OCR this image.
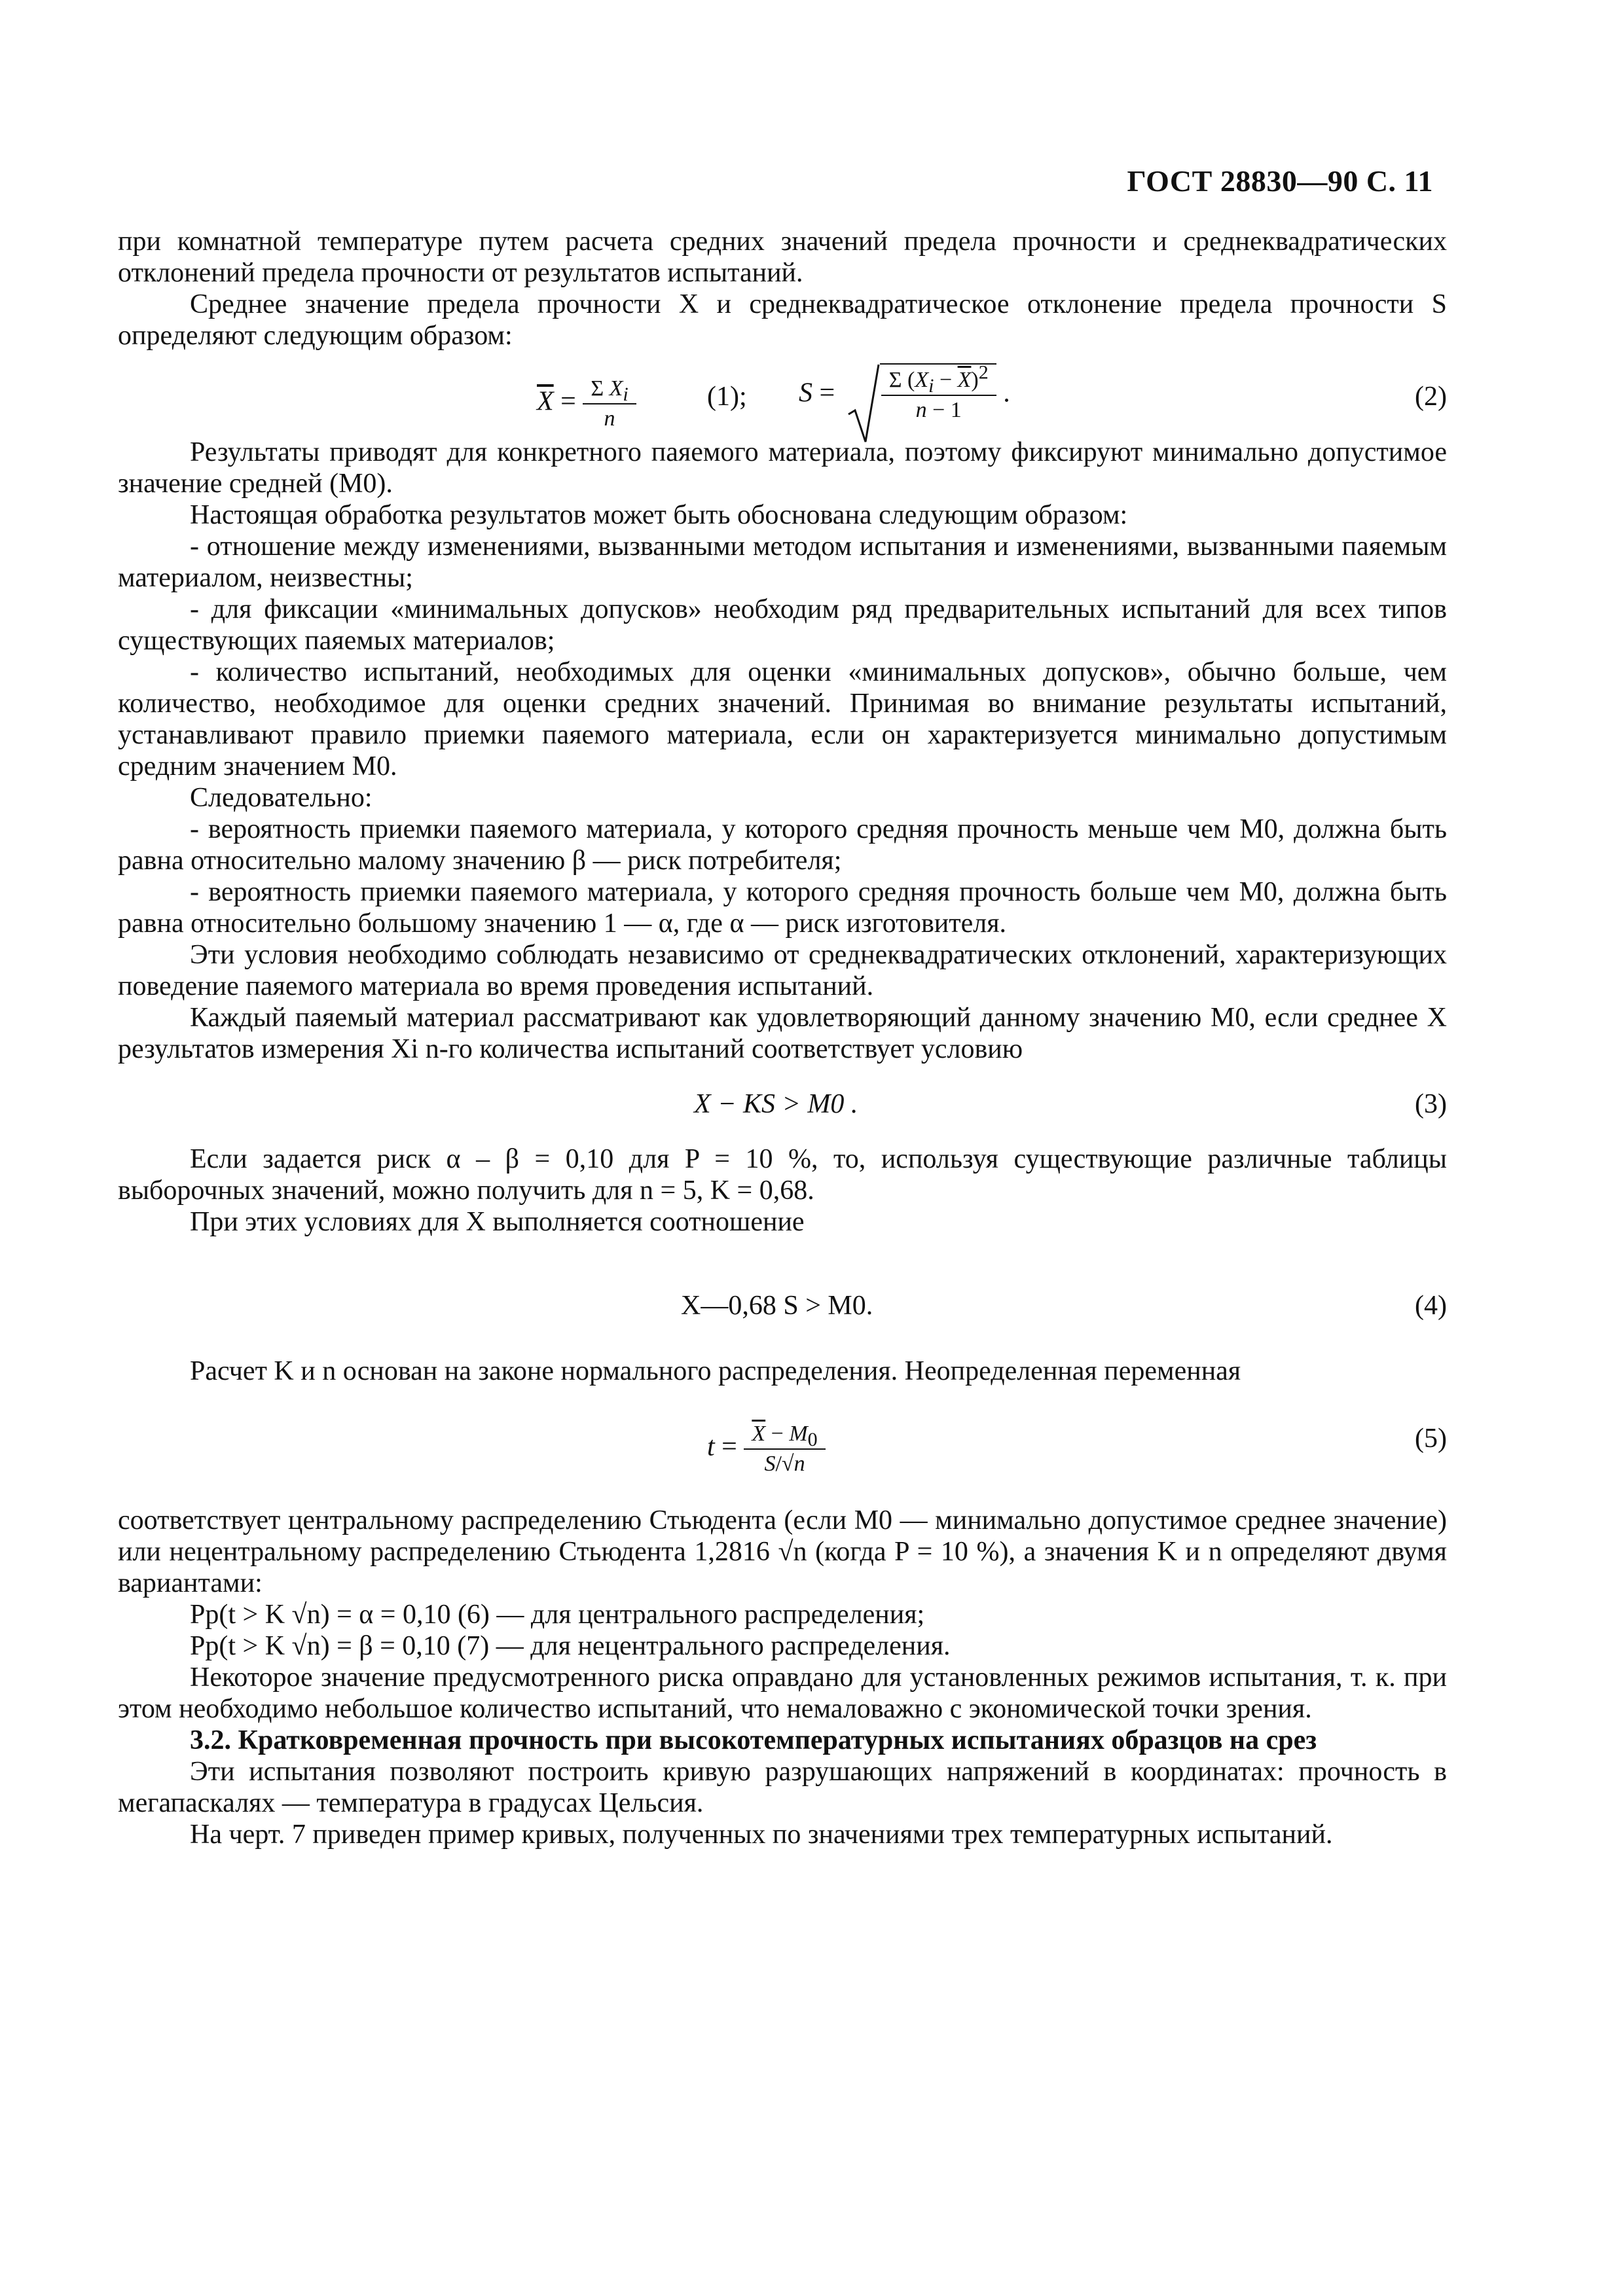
ГОСТ 28830—90 С. 11

при комнатной температуре путем расчета средних значений предела прочности и среднеквадратических отклонений предела прочности от результатов испытаний.

Среднее значение предела прочности X и среднеквадратическое отклонение предела прочности S определяют следующим образом:

$\overline{X} = \frac{\Sigma X_i}{n}$	(1); $S = \frac{\Sigma (X_i - \overline{X})^2}{n - 1}$ .	(2)

Результаты приводят для конкретного паяемого материала, поэтому фиксируют минимально допустимое значение средней (M0).

Настоящая обработка результатов может быть обоснована следующим образом:

- отношение между изменениями, вызванными методом испытания и изменениями, вызванными паяемым материалом, неизвестны;

- для фиксации «минимальных допусков» необходим ряд предварительных испытаний для всех типов существующих паяемых материалов;

- количество испытаний, необходимых для оценки «минимальных допусков», обычно больше, чем количество, необходимое для оценки средних значений. Принимая во внимание результаты испытаний, устанавливают правило приемки паяемого материала, если он характеризуется минимально допустимым средним значением M0.

Следовательно:

- вероятность приемки паяемого материала, у которого средняя прочность меньше чем M0, должна быть равна относительно малому значению β — риск потребителя;

- вероятность приемки паяемого материала, у которого средняя прочность больше чем M0, должна быть равна относительно большому значению 1 — α, где α — риск изготовителя.

Эти условия необходимо соблюдать независимо от среднеквадратических отклонений, характеризующих поведение паяемого материала во время проведения испытаний.

Каждый паяемый материал рассматривают как удовлетворяющий данному значению M0, если среднее X результатов измерения Xi n-го количества испытаний соответствует условию

X − KS > M0 .	(3)

Если задается риск α – β = 0,10 для P = 10 %, то, используя существующие различные таблицы выборочных значений, можно получить для n = 5, K = 0,68.

При этих условиях для X выполняется соотношение

X—0,68 S > M0.	(4)

Расчет K и n основан на законе нормального распределения. Неопределенная переменная

$t = \frac{\overline{X} - M_0}{S/√n}$	(5)

соответствует центральному распределению Стьюдента (если M0 — минимально допустимое среднее значение) или нецентральному распределению Стьюдента 1,2816 √n (когда P = 10 %), а значения K и n определяют двумя вариантами:

Pp(t > K √n) = α = 0,10 (6) — для центрального распределения;

Pp(t > K √n) = β = 0,10 (7) — для нецентрального распределения.

Некоторое значение предусмотренного риска оправдано для установленных режимов испытания, т. к. при этом необходимо небольшое количество испытаний, что немаловажно с экономической точки зрения.

3.2. Кратковременная прочность при высокотемпературных испытаниях образцов на срез

Эти испытания позволяют построить кривую разрушающих напряжений в координатах: прочность в мегапаскалях — температура в градусах Цельсия.

На черт. 7 приведен пример кривых, полученных по значениями трех температурных испытаний.
